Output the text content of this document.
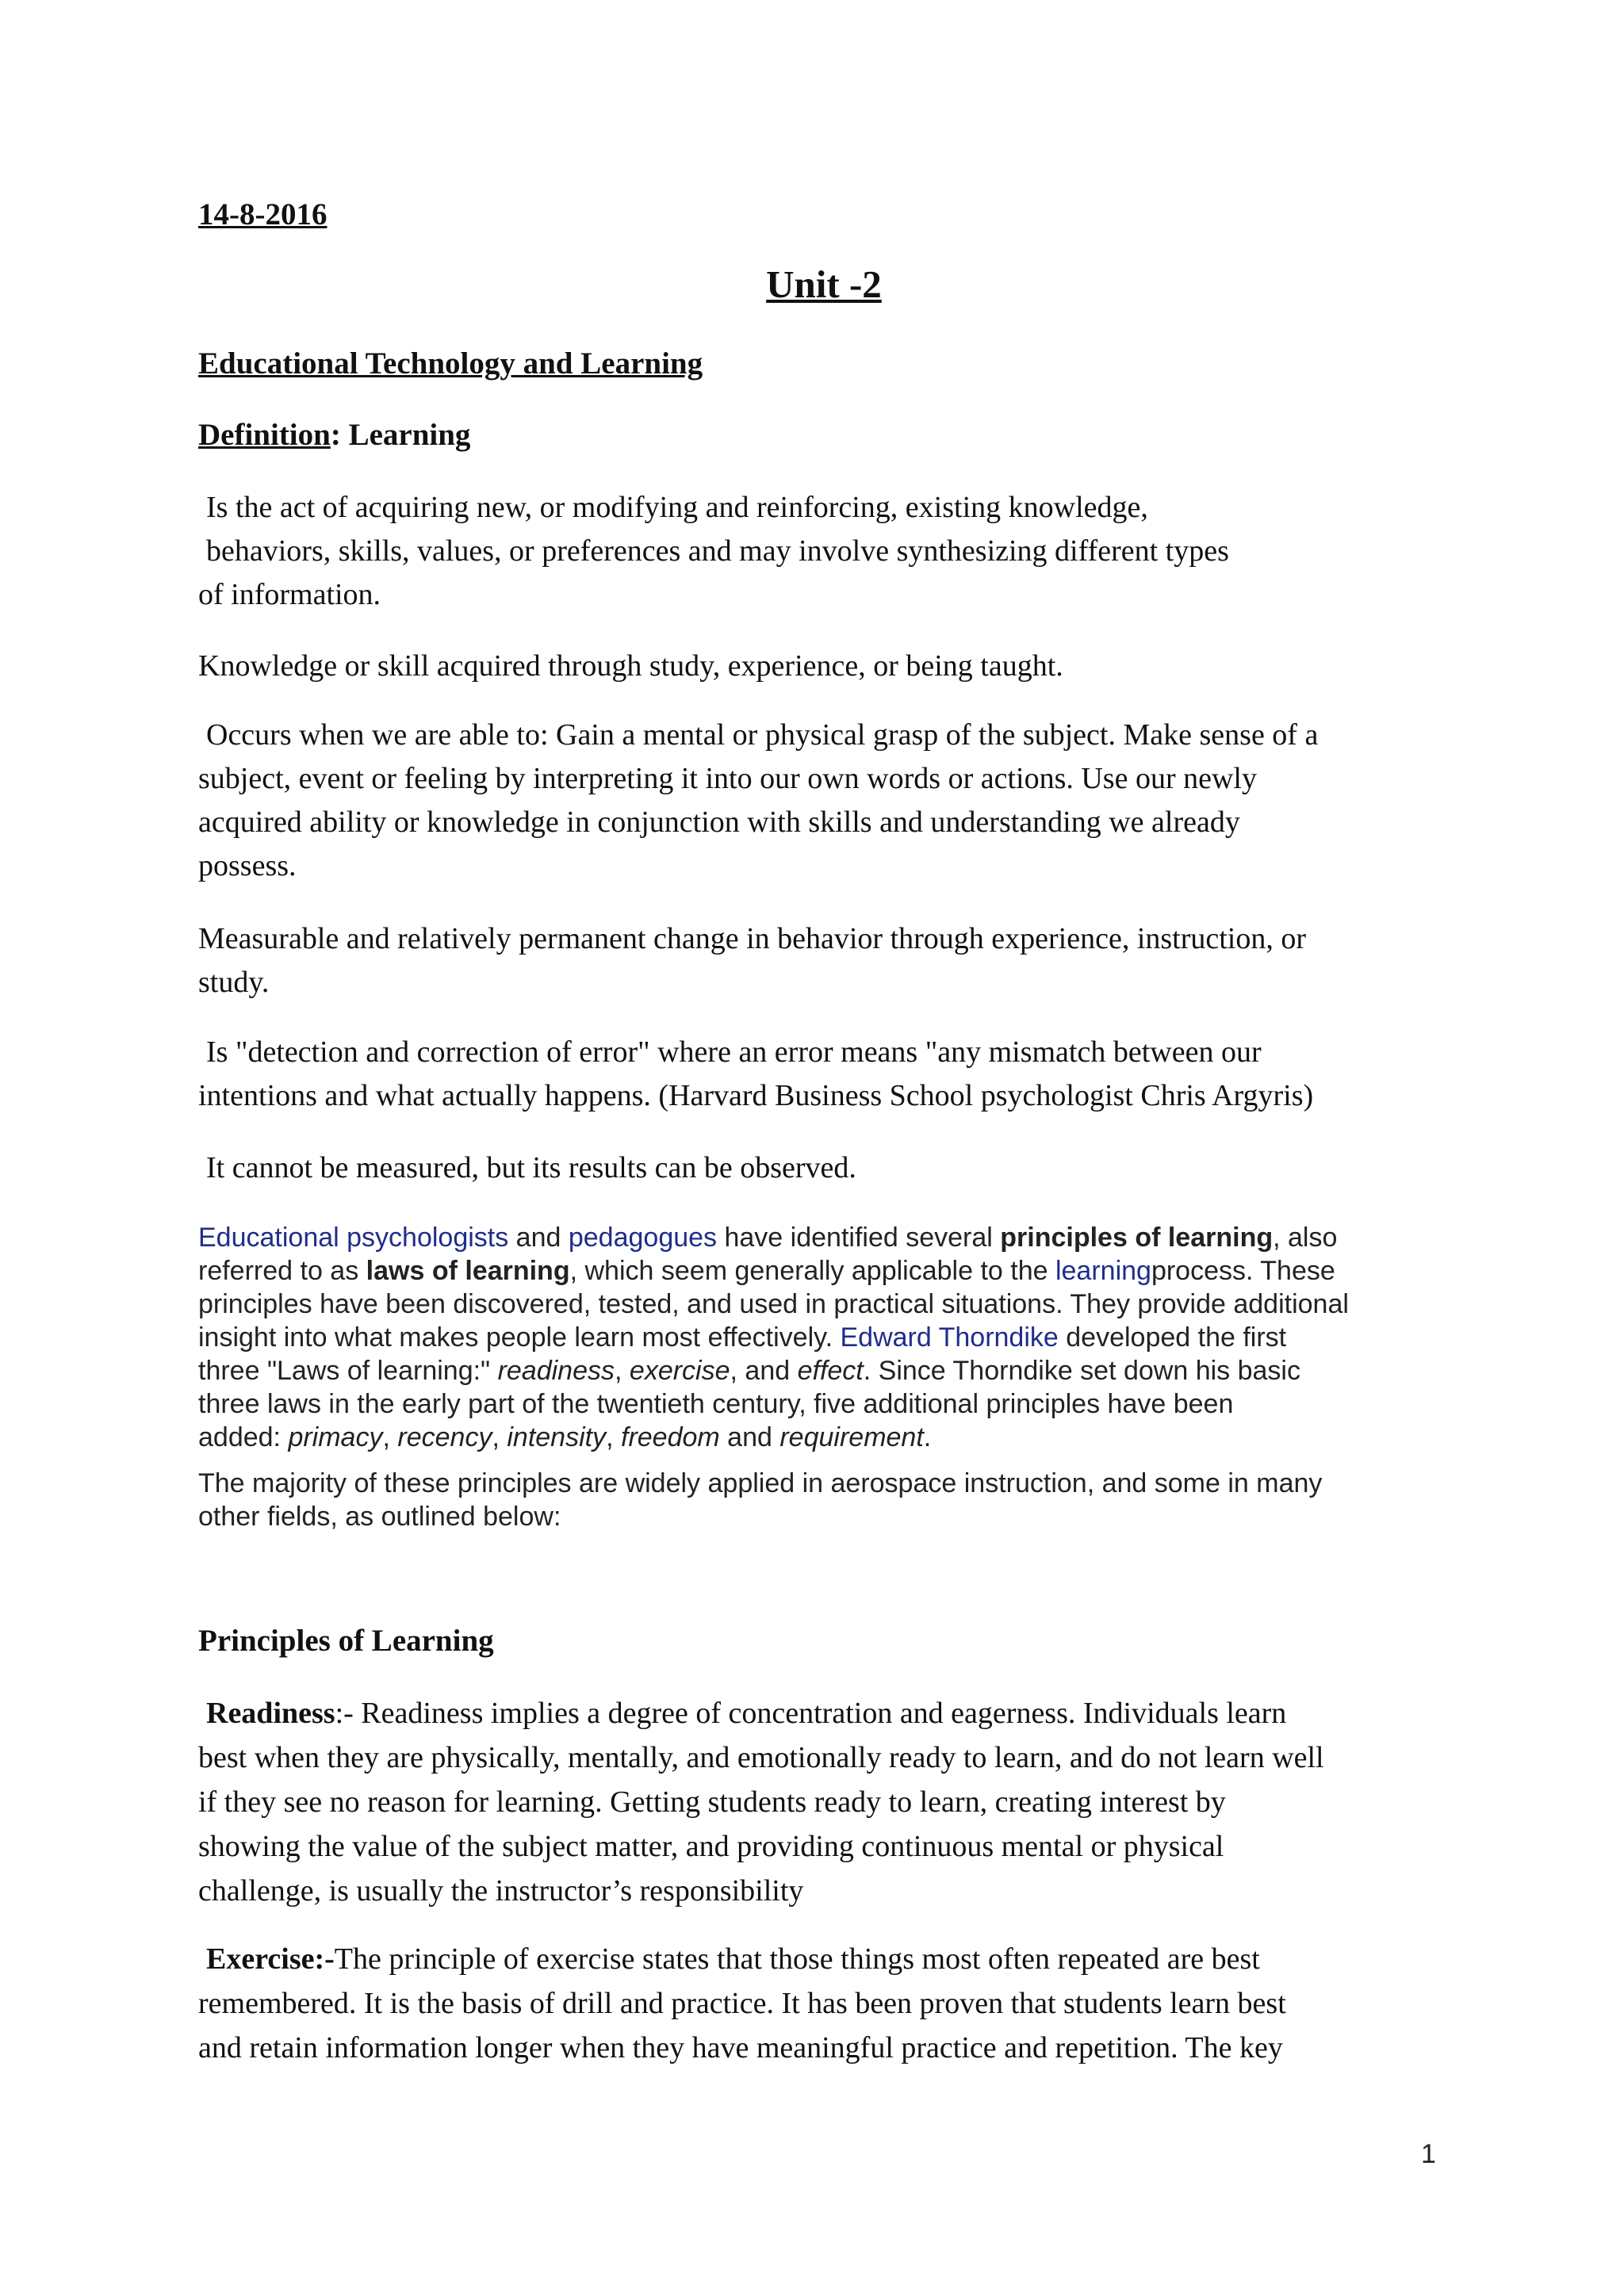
14-8-2016
Unit -2
Educational Technology and Learning
Definition: Learning
Is the act of acquiring new, or modifying and reinforcing, existing knowledge,
behaviors, skills, values, or preferences and may involve synthesizing different types
of information.
Knowledge or skill acquired through study, experience, or being taught.
Occurs when we are able to: Gain a mental or physical grasp of the subject. Make sense of a
subject, event or feeling by interpreting it into our own words or actions. Use our newly
acquired ability or knowledge in conjunction with skills and understanding we already
possess.
Measurable and relatively permanent change in behavior through experience, instruction, or
study.
Is "detection and correction of error" where an error means "any mismatch between our
intentions and what actually happens. (Harvard Business School psychologist Chris Argyris)
It cannot be measured, but its results can be observed.
Educational psychologists and pedagogues have identified several principles of learning, also
referred to as laws of learning, which seem generally applicable to the learningprocess. These
principles have been discovered, tested, and used in practical situations. They provide additional
insight into what makes people learn most effectively. Edward Thorndike developed the first
three "Laws of learning:" readiness, exercise, and effect. Since Thorndike set down his basic
three laws in the early part of the twentieth century, five additional principles have been
added: primacy, recency, intensity, freedom and requirement.
The majority of these principles are widely applied in aerospace instruction, and some in many
other fields, as outlined below:
Principles of Learning
Readiness:- Readiness implies a degree of concentration and eagerness. Individuals learn
best when they are physically, mentally, and emotionally ready to learn, and do not learn well
if they see no reason for learning. Getting students ready to learn, creating interest by
showing the value of the subject matter, and providing continuous mental or physical
challenge, is usually the instructor’s responsibility
Exercise:-The principle of exercise states that those things most often repeated are best
remembered. It is the basis of drill and practice. It has been proven that students learn best
and retain information longer when they have meaningful practice and repetition. The key
1
